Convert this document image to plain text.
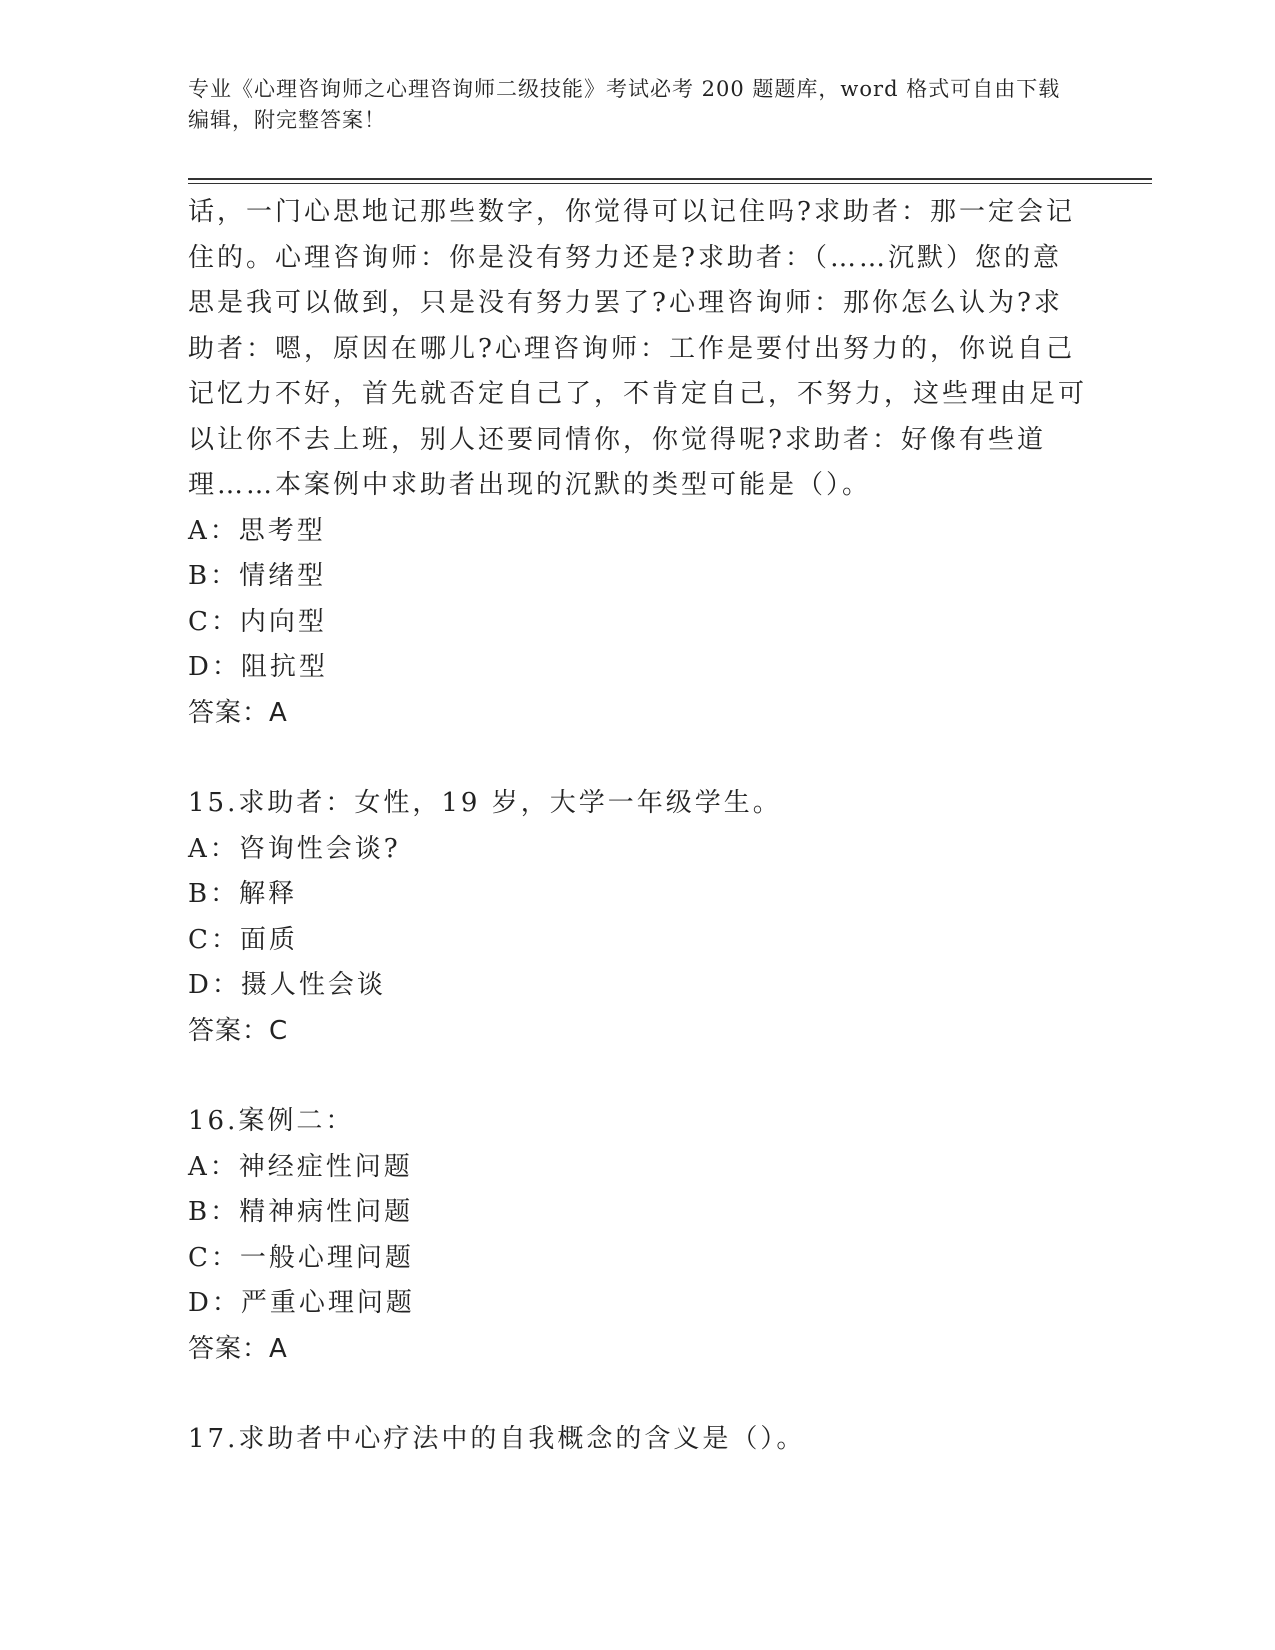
专业《心理咨询师之心理咨询师二级技能》考试必考 200 题题库，word 格式可自由下载编辑，附完整答案！

话，一门心思地记那些数字，你觉得可以记住吗?求助者：那一定会记住的。心理咨询师：你是没有努力还是?求助者：（……沉默）您的意思是我可以做到，只是没有努力罢了?心理咨询师：那你怎么认为?求助者：嗯，原因在哪儿?心理咨询师：工作是要付出努力的，你说自己记忆力不好，首先就否定自己了，不肯定自己，不努力，这些理由足可以让你不去上班，别人还要同情你，你觉得呢?求助者：好像有些道理……本案例中求助者出现的沉默的类型可能是（）。

A：思考型
B：情绪型
C：内向型
D：阻抗型
答案：A
15.求助者：女性，19 岁，大学一年级学生。
A：咨询性会谈?
B：解释
C：面质
D：摄人性会谈
答案：C
16.案例二：
A：神经症性问题
B：精神病性问题
C：一般心理问题
D：严重心理问题
答案：A
17.求助者中心疗法中的自我概念的含义是（）。
